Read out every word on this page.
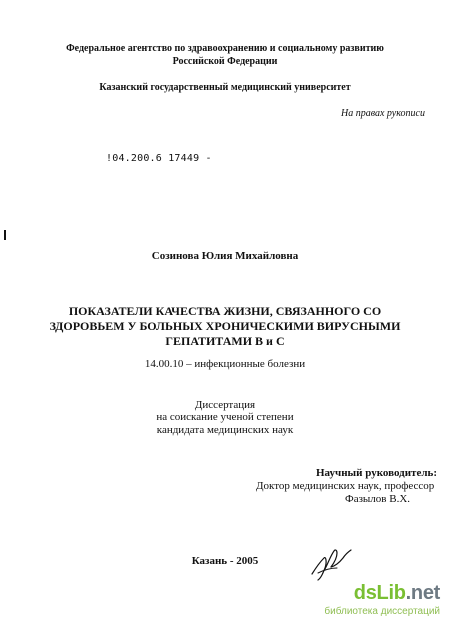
Федеральное агентство по здравоохранению и социальному развитию
Российской Федерации
Казанский государственный медицинский университет
На правах рукописи
!04.200.6 17449 -
Созинова Юлия Михайловна
ПОКАЗАТЕЛИ КАЧЕСТВА ЖИЗНИ, СВЯЗАННОГО СО
ЗДОРОВЬЕМ У БОЛЬНЫХ ХРОНИЧЕСКИМИ ВИРУСНЫМИ
ГЕПАТИТАМИ В и С
14.00.10 – инфекционные болезни
Диссертация
на соискание ученой степени
кандидата медицинских наук
Научный руководитель:
Доктор медицинских наук, профессор
Фазылов В.Х.
Казань - 2005
dsLib.net
библиотека диссертаций
